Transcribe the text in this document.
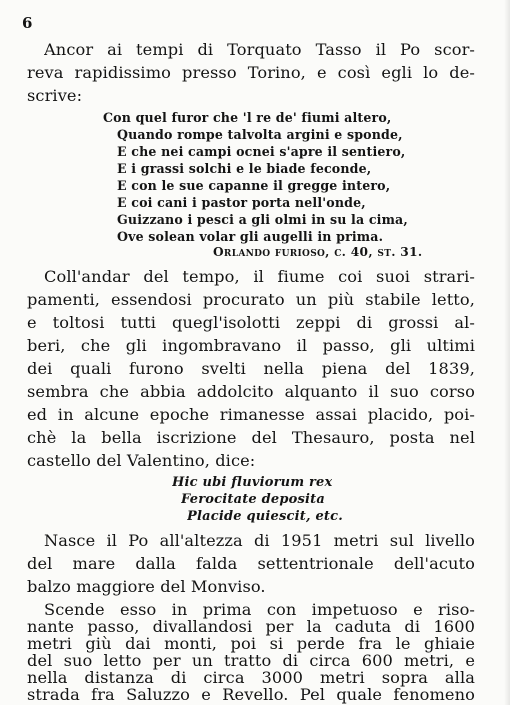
6
Ancor ai tempi di Torquato Tasso il Po scor-
reva rapidissimo presso Torino, e così egli lo de-
scrive:
Con quel furor che 'l re de' fiumi altero,
Quando rompe talvolta argini e sponde,
E che nei campi ocnei s'apre il sentiero,
E i grassi solchi e le biade feconde,
E con le sue capanne il gregge intero,
E coi cani i pastor porta nell'onde,
Guizzano i pesci a gli olmi in su la cima,
Ove solean volar gli augelli in prima.
Orlando furioso, c. 40, st. 31.
Coll'andar del tempo, il fiume coi suoi strari-
pamenti, essendosi procurato un più stabile letto,
e toltosi tutti quegl'isolotti zeppi di grossi al-
beri, che gli ingombravano il passo, gli ultimi
dei quali furono svelti nella piena del 1839,
sembra che abbia addolcito alquanto il suo corso
ed in alcune epoche rimanesse assai placido, poi-
chè la bella iscrizione del Thesauro, posta nel
castello del Valentino, dice:
Hic ubi fluviorum rex
Ferocitate deposita
Placide quiescit, etc.
Nasce il Po all'altezza di 1951 metri sul livello
del mare dalla falda settentrionale dell'acuto
balzo maggiore del Monviso.
Scende esso in prima con impetuoso e riso-
nante passo, divallandosi per la caduta di 1600
metri giù dai monti, poi si perde fra le ghiaie
del suo letto per un tratto di circa 600 metri, e
nella distanza di circa 3000 metri sopra alla
strada fra Saluzzo e Revello. Pel quale fenomeno
